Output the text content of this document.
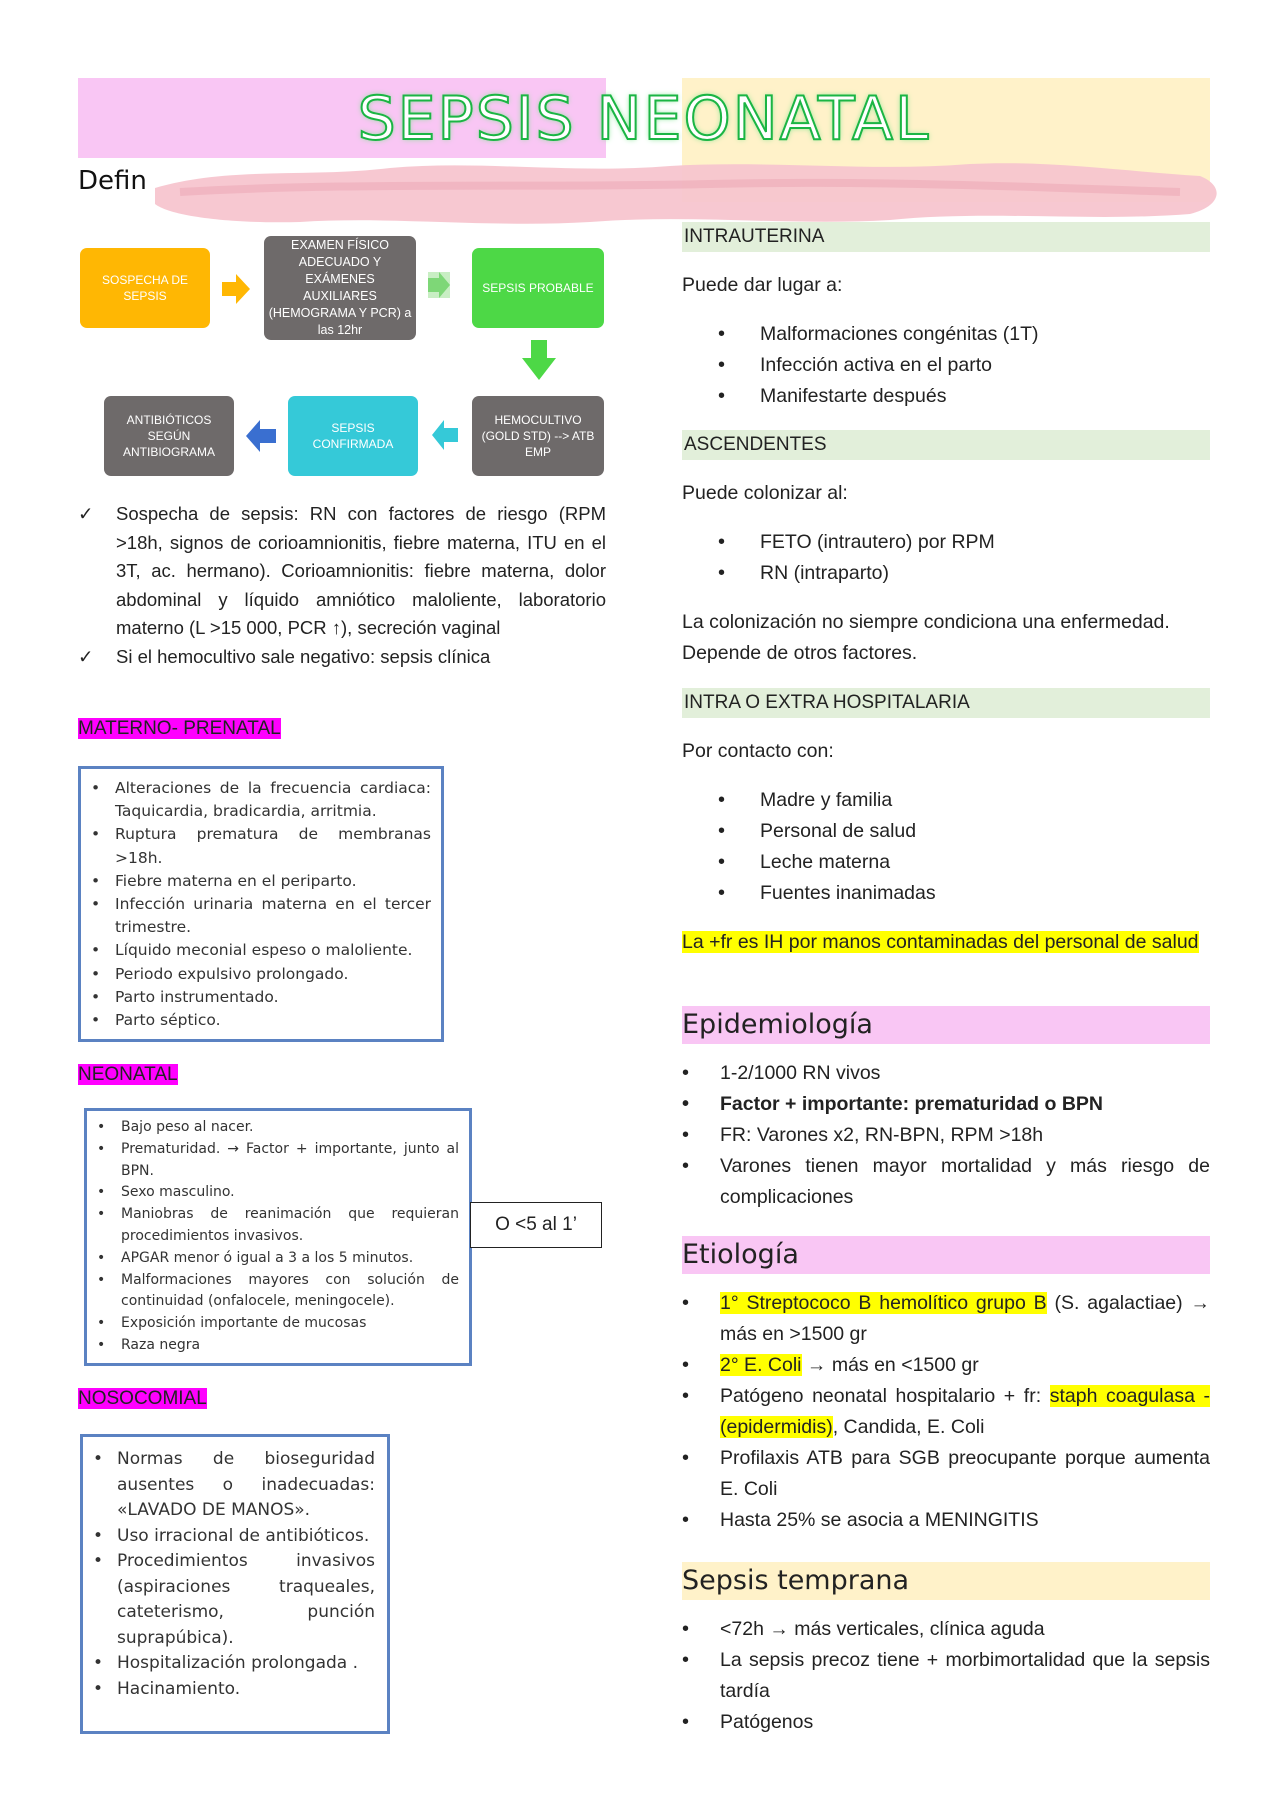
SEPSIS NEONATAL
Defin
SOSPECHA DE SEPSIS
EXAMEN FÍSICO ADECUADO Y EXÁMENES AUXILIARES (HEMOGRAMA Y PCR) a las 12hr
SEPSIS PROBABLE
HEMOCULTIVO (GOLD STD) --> ATB EMP
SEPSIS CONFIRMADA
ANTIBIÓTICOS SEGÚN ANTIBIOGRAMA
✓	Sospecha de sepsis: RN con factores de riesgo (RPM >18h, signos de corioamnionitis, fiebre materna, ITU en el 3T, ac. hermano). Corioamnionitis: fiebre materna, dolor abdominal y líquido amniótico maloliente, laboratorio materno (L >15 000, PCR ↑), secreción vaginal
✓	Si el hemocultivo sale negativo: sepsis clínica
MATERNO- PRENATAL
• Alteraciones de la frecuencia cardiaca: Taquicardia, bradicardia, arritmia.
• Ruptura prematura de membranas >18h.
• Fiebre materna en el periparto.
• Infección urinaria materna en el tercer trimestre.
• Líquido meconial espeso o maloliente.
• Periodo expulsivo prolongado.
• Parto instrumentado.
• Parto séptico.
NEONATAL
•	Bajo peso al nacer.
•	Prematuridad. → Factor + importante, junto al BPN.
•	Sexo masculino.
•	Maniobras de reanimación que requieran procedimientos invasivos.
•	APGAR menor ó igual a 3 a los 5 minutos.
•	Malformaciones mayores con solución de continuidad (onfalocele, meningocele).
•	Exposición importante de mucosas
•	Raza negra
O <5 al 1’
NOSOCOMIAL
• Normas de bioseguridad ausentes o inadecuadas: «LAVADO DE MANOS».
• Uso irracional de antibióticos.
• Procedimientos invasivos (aspiraciones traqueales, cateterismo, punción suprapúbica).
• Hospitalización prolongada .
• Hacinamiento.
INTRAUTERINA
Puede dar lugar a:
•
Malformaciones congénitas (1T)
•
Infección activa en el parto
•
Manifestarte después
ASCENDENTES
Puede colonizar al:
•
FETO (intrautero) por RPM
•
RN (intraparto)
La colonización no siempre condiciona una enfermedad. Depende de otros factores.
INTRA O EXTRA HOSPITALARIA
Por contacto con:
•
Madre y familia
•
Personal de salud
•
Leche materna
•
Fuentes inanimadas
La +fr es IH por manos contaminadas del personal de salud
Epidemiología
•
1-2/1000 RN vivos
•
Factor + importante: prematuridad o BPN
•
FR: Varones x2, RN-BPN, RPM >18h
•
Varones tienen mayor mortalidad y más riesgo de complicaciones
Etiología
•
1° Streptococo B hemolítico grupo B (S. agalactiae) → más en >1500 gr
•
2° E. Coli → más en <1500 gr
•
Patógeno neonatal hospitalario + fr: staph coagulasa - (epidermidis), Candida, E. Coli
•
Profilaxis ATB para SGB preocupante porque aumenta E. Coli
•
Hasta 25% se asocia a MENINGITIS
Sepsis temprana
•
<72h → más verticales, clínica aguda
•
La sepsis precoz tiene + morbimortalidad que la sepsis tardía
•
Patógenos
